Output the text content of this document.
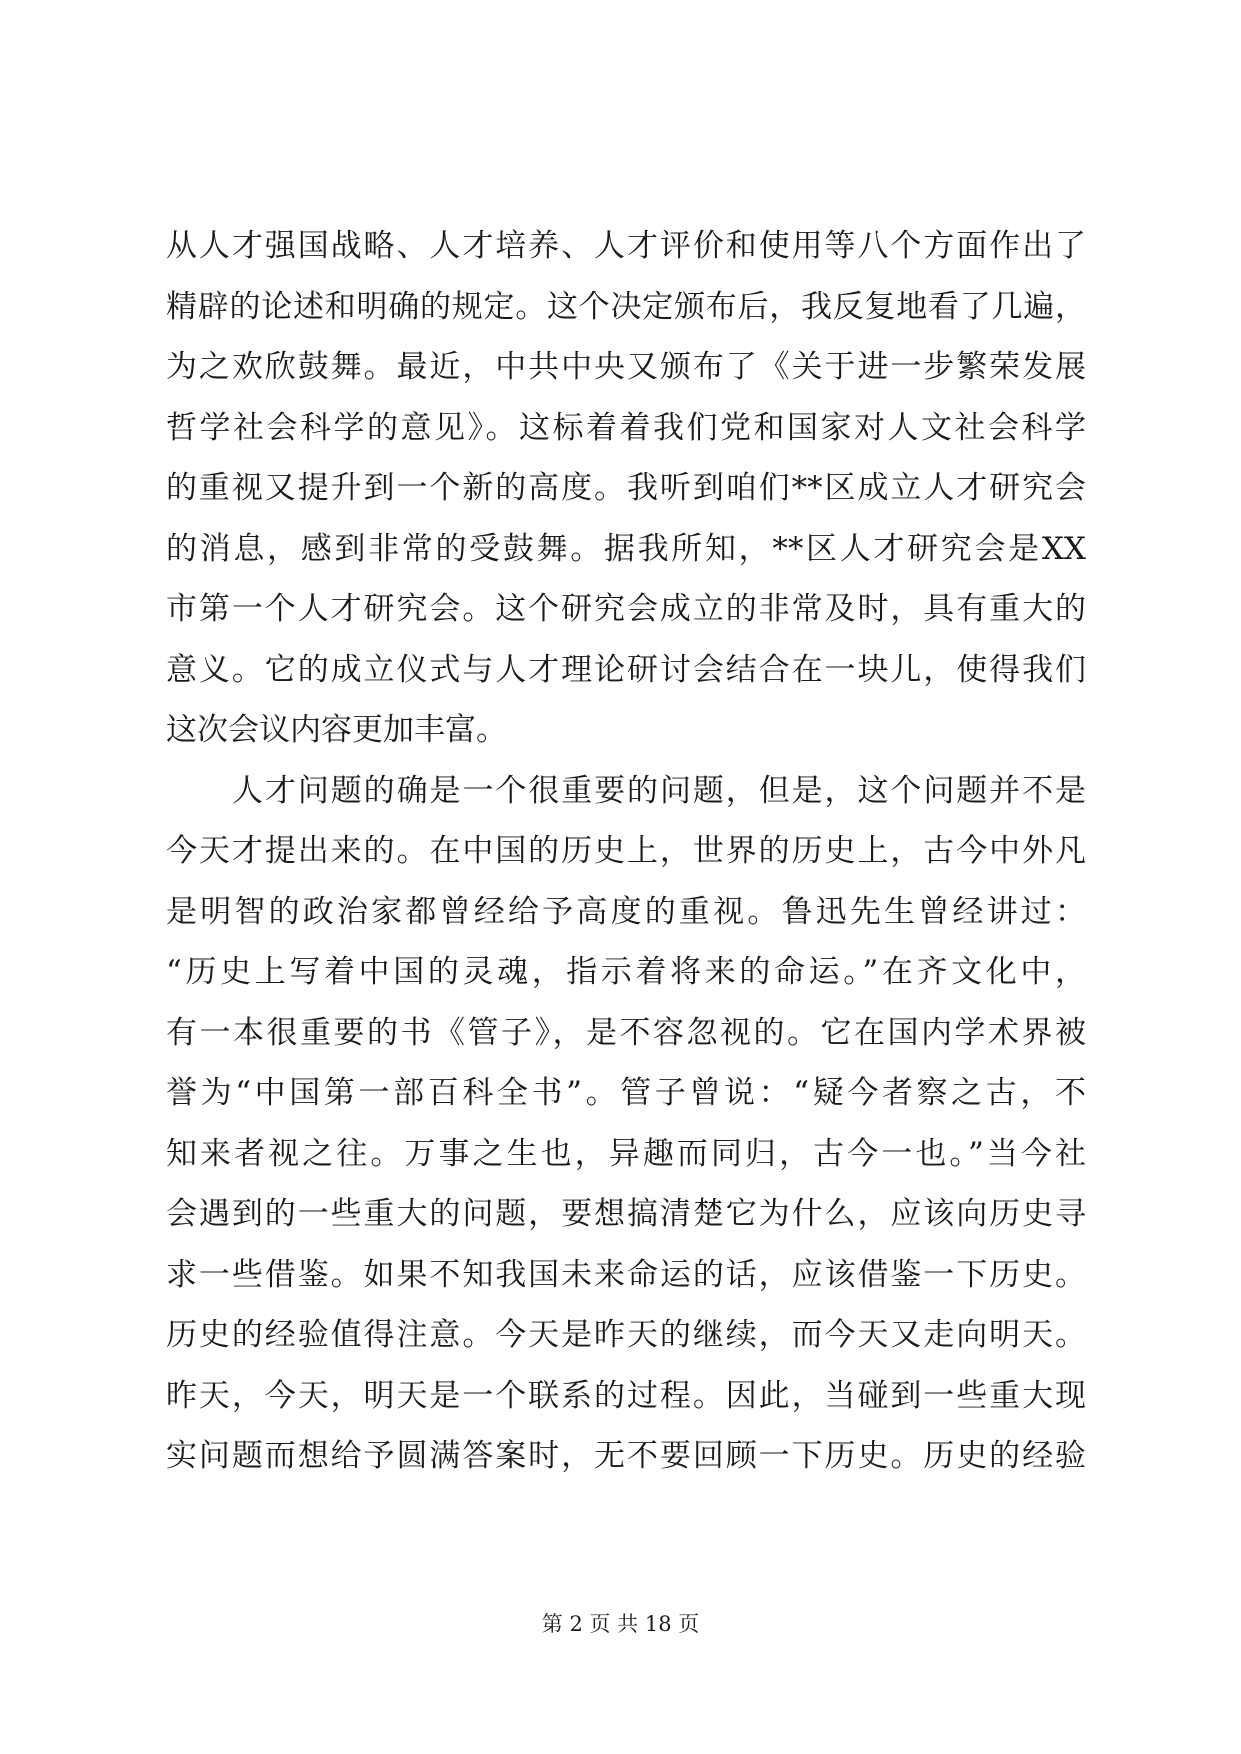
从人才强国战略、人才培养、人才评价和使用等八个方面作出了
精辟的论述和明确的规定。这个决定颁布后，我反复地看了几遍，
为之欢欣鼓舞。最近，中共中央又颁布了《关于进一步繁荣发展
哲学社会科学的意见》。这标着着我们党和国家对人文社会科学
的重视又提升到一个新的高度。我听到咱们**区成立人才研究会
的消息，感到非常的受鼓舞。据我所知，**区人才研究会是XX
市第一个人才研究会。这个研究会成立的非常及时，具有重大的
意义。它的成立仪式与人才理论研讨会结合在一块儿，使得我们
这次会议内容更加丰富。
人才问题的确是一个很重要的问题，但是，这个问题并不是
今天才提出来的。在中国的历史上，世界的历史上，古今中外凡
是明智的政治家都曾经给予高度的重视。鲁迅先生曾经讲过：
“历史上写着中国的灵魂，指示着将来的命运。”在齐文化中，
有一本很重要的书《管子》，是不容忽视的。它在国内学术界被
誉为“中国第一部百科全书”。管子曾说：“疑今者察之古，不
知来者视之往。万事之生也，异趣而同归，古今一也。”当今社
会遇到的一些重大的问题，要想搞清楚它为什么，应该向历史寻
求一些借鉴。如果不知我国未来命运的话，应该借鉴一下历史。
历史的经验值得注意。今天是昨天的继续，而今天又走向明天。
昨天，今天，明天是一个联系的过程。因此，当碰到一些重大现
实问题而想给予圆满答案时，无不要回顾一下历史。历史的经验
第 2 页 共 18 页
